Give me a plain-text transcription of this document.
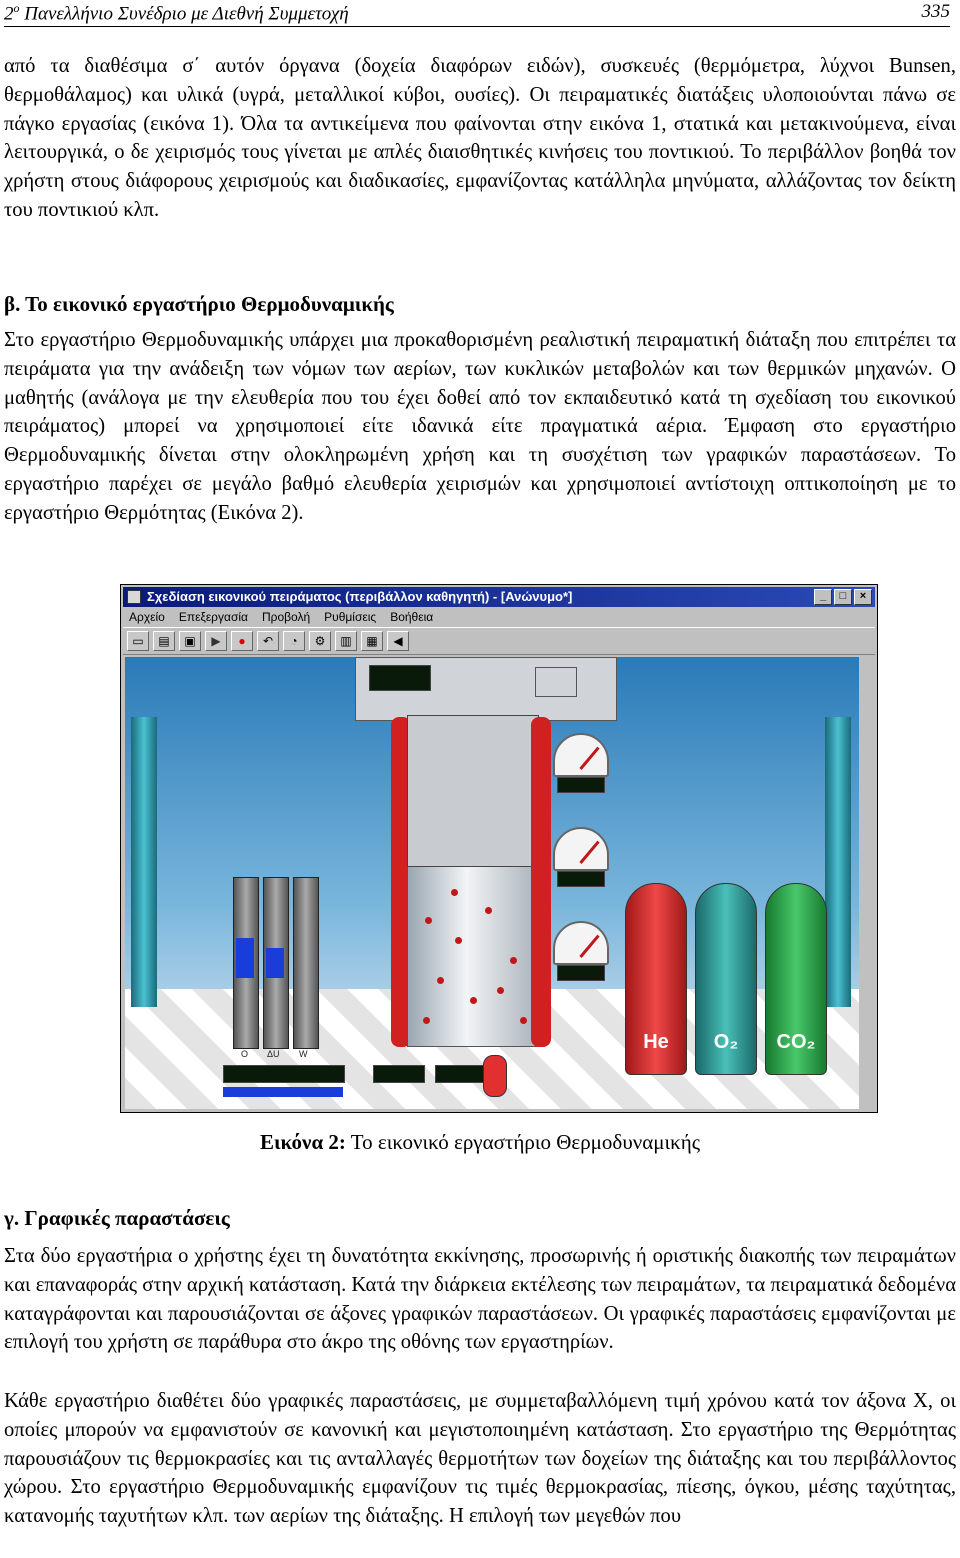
$2^o$ Πανελλήνιο Συνέδριο με Διεθνή Συμμετοχή	335

από τα διαθέσιμα σ΄ αυτόν όργανα (δοχεία διαφόρων ειδών), συσκευές (θερμόμετρα, λύχνοι Bunsen, θερμοθάλαμος) και υλικά (υγρά, μεταλλικοί κύβοι, ουσίες). Οι πειραματικές διατάξεις υλοποιούνται πάνω σε πάγκο εργασίας (εικόνα 1). Όλα τα αντικείμενα που φαίνονται στην εικόνα 1, στατικά και μετακινούμενα, είναι λειτουργικά, ο δε χειρισμός τους γίνεται με απλές διαισθητικές κινήσεις του ποντικιού. Το περιβάλλον βοηθά τον χρήστη στους διάφορους χειρισμούς και διαδικασίες, εμφανίζοντας κατάλληλα μηνύματα, αλλάζοντας τον δείκτη του ποντικιού κλπ.

β. Το εικονικό εργαστήριο Θερμοδυναμικής

Στο εργαστήριο Θερμοδυναμικής υπάρχει μια προκαθορισμένη ρεαλιστική πειραματική διάταξη που επιτρέπει τα πειράματα για την ανάδειξη των νόμων των αερίων, των κυκλικών μεταβολών και των θερμικών μηχανών. Ο μαθητής (ανάλογα με την ελευθερία που του έχει δοθεί από τον εκπαιδευτικό κατά τη σχεδίαση του εικονικού πειράματος) μπορεί να χρησιμοποιεί είτε ιδανικά είτε πραγματικά αέρια. Έμφαση στο εργαστήριο Θερμοδυναμικής δίνεται στην ολοκληρωμένη χρήση και τη συσχέτιση των γραφικών παραστάσεων. Το εργαστήριο παρέχει σε μεγάλο βαθμό ελευθερία χειρισμών και χρησιμοποιεί αντίστοιχη οπτικοποίηση με το εργαστήριο Θερμότητας (Εικόνα 2).

Σχεδίαση εικονικού πειράματος (περιβάλλον καθηγητή) - [Ανώνυμο*]	_	□	×
Αρχείο Επεξεργασία Προβολή Ρυθμίσεις Βοήθεια
▭	▤	▣	▶	●	↶	◔	⚙	▥	▦	◀
O ΔU W
He	O₂	CO₂
Εικόνα 2: Το εικονικό εργαστήριο Θερμοδυναμικής

γ. Γραφικές παραστάσεις

Στα δύο εργαστήρια ο χρήστης έχει τη δυνατότητα εκκίνησης, προσωρινής ή οριστικής διακοπής των πειραμάτων και επαναφοράς στην αρχική κατάσταση. Κατά την διάρκεια εκτέλεσης των πειραμάτων, τα πειραματικά δεδομένα καταγράφονται και παρουσιάζονται σε άξονες γραφικών παραστάσεων. Οι γραφικές παραστάσεις εμφανίζονται με επιλογή του χρήστη σε παράθυρα στο άκρο της οθόνης των εργαστηρίων.

Κάθε εργαστήριο διαθέτει δύο γραφικές παραστάσεις, με συμμεταβαλλόμενη τιμή χρόνου κατά τον άξονα Χ, οι οποίες μπορούν να εμφανιστούν σε κανονική και μεγιστοποιημένη κατάσταση. Στο εργαστήριο της Θερμότητας παρουσιάζουν τις θερμοκρασίες και τις ανταλλαγές θερμοτήτων των δοχείων της διάταξης και του περιβάλλοντος χώρου. Στο εργαστήριο Θερμοδυναμικής εμφανίζουν τις τιμές θερμοκρασίας, πίεσης, όγκου, μέσης ταχύτητας, κατανομής ταχυτήτων κλπ. των αερίων της διάταξης. Η επιλογή των μεγεθών που
